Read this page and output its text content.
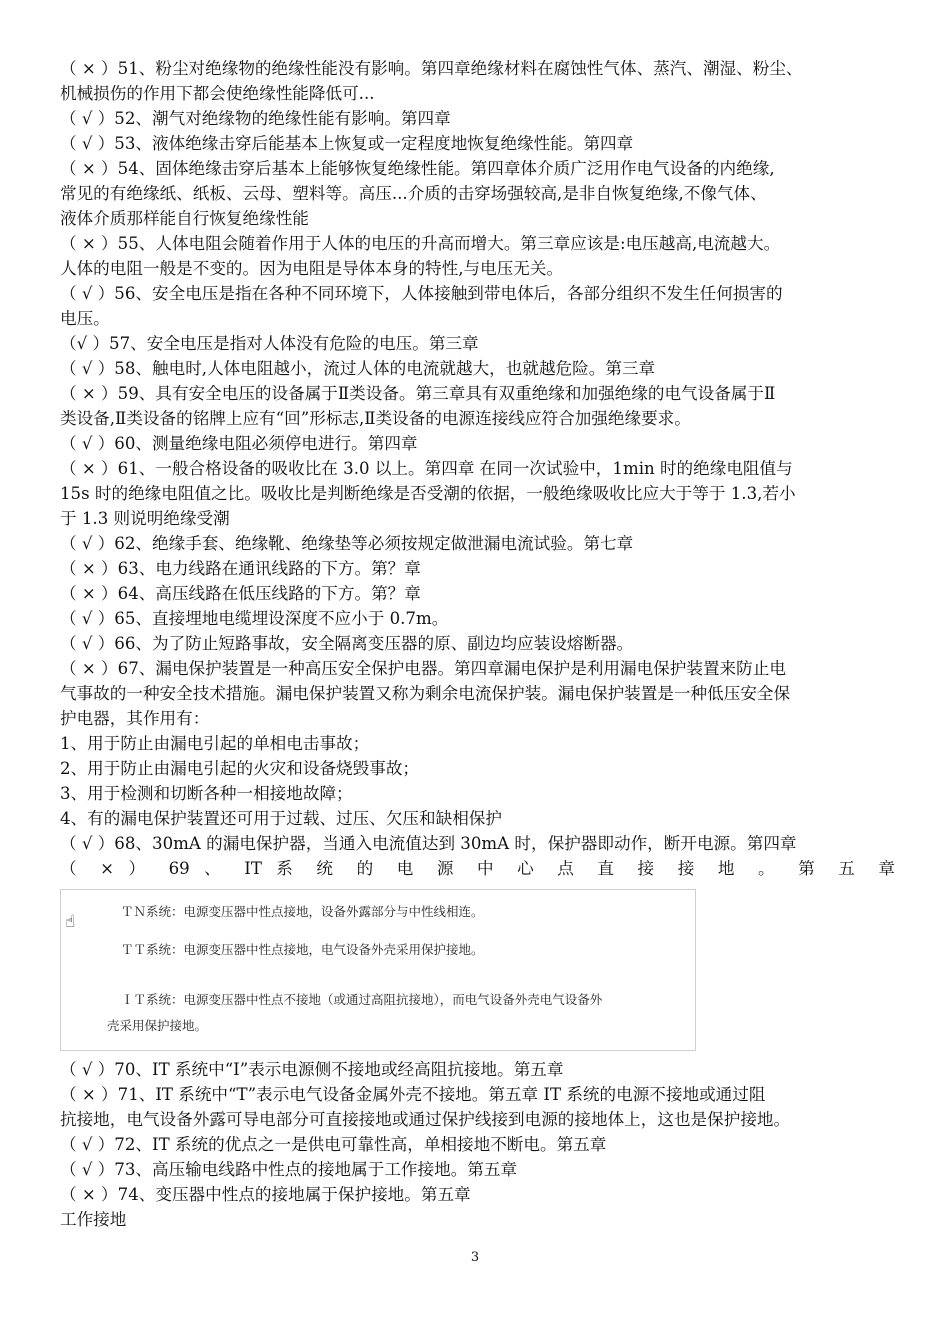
（ × ）51、粉尘对绝缘物的绝缘性能没有影响。第四章绝缘材料在腐蚀性气体、蒸汽、潮湿、粉尘、
机械损伤的作用下都会使绝缘性能降低可...
（ √ ）52、潮气对绝缘物的绝缘性能有影响。第四章
（ √ ）53、液体绝缘击穿后能基本上恢复或一定程度地恢复绝缘性能。第四章
（ × ）54、固体绝缘击穿后基本上能够恢复绝缘性能。第四章体介质广泛用作电气设备的内绝缘,
常见的有绝缘纸、纸板、云母、塑料等。高压...介质的击穿场强较高,是非自恢复绝缘,不像气体、
液体介质那样能自行恢复绝缘性能
（ × ）55、人体电阻会随着作用于人体的电压的升高而增大。第三章应该是:电压越高,电流越大。
人体的电阻一般是不变的。因为电阻是导体本身的特性,与电压无关。
（ √ ）56、安全电压是指在各种不同环境下，人体接触到带电体后，各部分组织不发生任何损害的
电压。
（√ ）57、安全电压是指对人体没有危险的电压。第三章
（ √ ）58、触电时,人体电阻越小，流过人体的电流就越大，也就越危险。第三章
（ × ）59、具有安全电压的设备属于Ⅱ类设备。第三章具有双重绝缘和加强绝缘的电气设备属于Ⅱ
类设备,Ⅱ类设备的铭牌上应有“回”形标志,Ⅱ类设备的电源连接线应符合加强绝缘要求。
（ √ ）60、测量绝缘电阻必须停电进行。第四章
（ × ）61、一般合格设备的吸收比在 3.0 以上。第四章 在同一次试验中，1min 时的绝缘电阻值与
15s 时的绝缘电阻值之比。吸收比是判断绝缘是否受潮的依据，一般绝缘吸收比应大于等于 1.3,若小
于 1.3 则说明绝缘受潮
（ √ ）62、绝缘手套、绝缘靴、绝缘垫等必须按规定做泄漏电流试验。第七章
（ × ）63、电力线路在通讯线路的下方。第？章
（ × ）64、高压线路在低压线路的下方。第？章
（ √ ）65、直接埋地电缆埋设深度不应小于 0.7m。
（ √ ）66、为了防止短路事故，安全隔离变压器的原、副边均应装设熔断器。
（ × ）67、漏电保护装置是一种高压安全保护电器。第四章漏电保护是利用漏电保护装置来防止电
气事故的一种安全技术措施。漏电保护装置又称为剩余电流保护装。漏电保护装置是一种低压安全保
护电器，其作用有：
1、用于防止由漏电引起的单相电击事故；
2、用于防止由漏电引起的火灾和设备烧毁事故；
3、用于检测和切断各种一相接地故障；
4、有的漏电保护装置还可用于过载、过压、欠压和缺相保护
（ √ ）68、30mA 的漏电保护器，当通入电流值达到 30mA 时，保护器即动作，断开电源。第四章
（ × ） 69 、 IT 系 统 的 电 源 中 心 点 直 接 接 地 。 第 五 章
☝
ＴＮ系统：电源变压器中性点接地，设备外露部分与中性线相连。
ＴＴ系统：电源变压器中性点接地，电气设备外壳采用保护接地。
ＩＴ系统：电源变压器中性点不接地（或通过高阻抗接地），而电气设备外壳电气设备外
壳采用保护接地。
（ √ ）70、IT 系统中“I”表示电源侧不接地或经高阻抗接地。第五章
（ × ）71、IT 系统中“T”表示电气设备金属外壳不接地。第五章 IT 系统的电源不接地或通过阻
抗接地，电气设备外露可导电部分可直接接地或通过保护线接到电源的接地体上，这也是保护接地。
（ √ ）72、IT 系统的优点之一是供电可靠性高，单相接地不断电。第五章
（ √ ）73、高压输电线路中性点的接地属于工作接地。第五章
（ × ）74、变压器中性点的接地属于保护接地。第五章
工作接地
3
